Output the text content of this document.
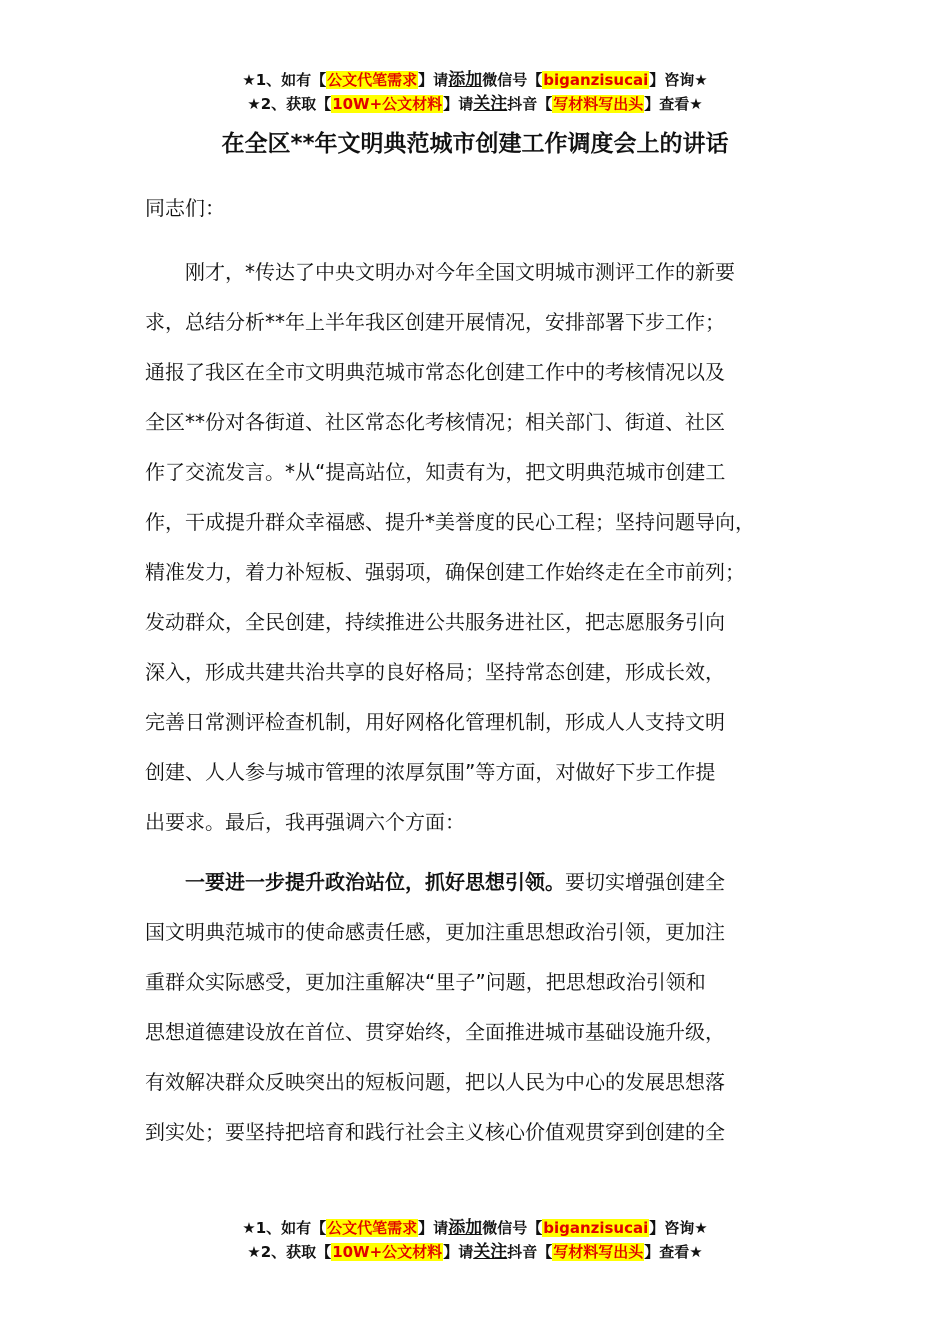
★1、如有【公文代笔需求】请添加微信号【biganzisucai】咨询★
★2、获取【10W+公文材料】请关注抖音【写材料写出头】查看★
在全区**年文明典范城市创建工作调度会上的讲话
同志们：
　　刚才，*传达了中央文明办对今年全国文明城市测评工作的新要
求，总结分析**年上半年我区创建开展情况，安排部署下步工作；
通报了我区在全市文明典范城市常态化创建工作中的考核情况以及
全区**份对各街道、社区常态化考核情况；相关部门、街道、社区
作了交流发言。*从“提高站位，知责有为，把文明典范城市创建工
作，干成提升群众幸福感、提升*美誉度的民心工程；坚持问题导向，
精准发力，着力补短板、强弱项，确保创建工作始终走在全市前列；
发动群众，全民创建，持续推进公共服务进社区，把志愿服务引向
深入，形成共建共治共享的良好格局；坚持常态创建，形成长效，
完善日常测评检查机制，用好网格化管理机制，形成人人支持文明
创建、人人参与城市管理的浓厚氛围”等方面，对做好下步工作提
出要求。最后，我再强调六个方面：
　　一要进一步提升政治站位，抓好思想引领。要切实增强创建全
国文明典范城市的使命感责任感，更加注重思想政治引领，更加注
重群众实际感受，更加注重解决“里子”问题，把思想政治引领和
思想道德建设放在首位、贯穿始终，全面推进城市基础设施升级，
有效解决群众反映突出的短板问题，把以人民为中心的发展思想落
到实处；要坚持把培育和践行社会主义核心价值观贯穿到创建的全
★1、如有【公文代笔需求】请添加微信号【biganzisucai】咨询★
★2、获取【10W+公文材料】请关注抖音【写材料写出头】查看★
